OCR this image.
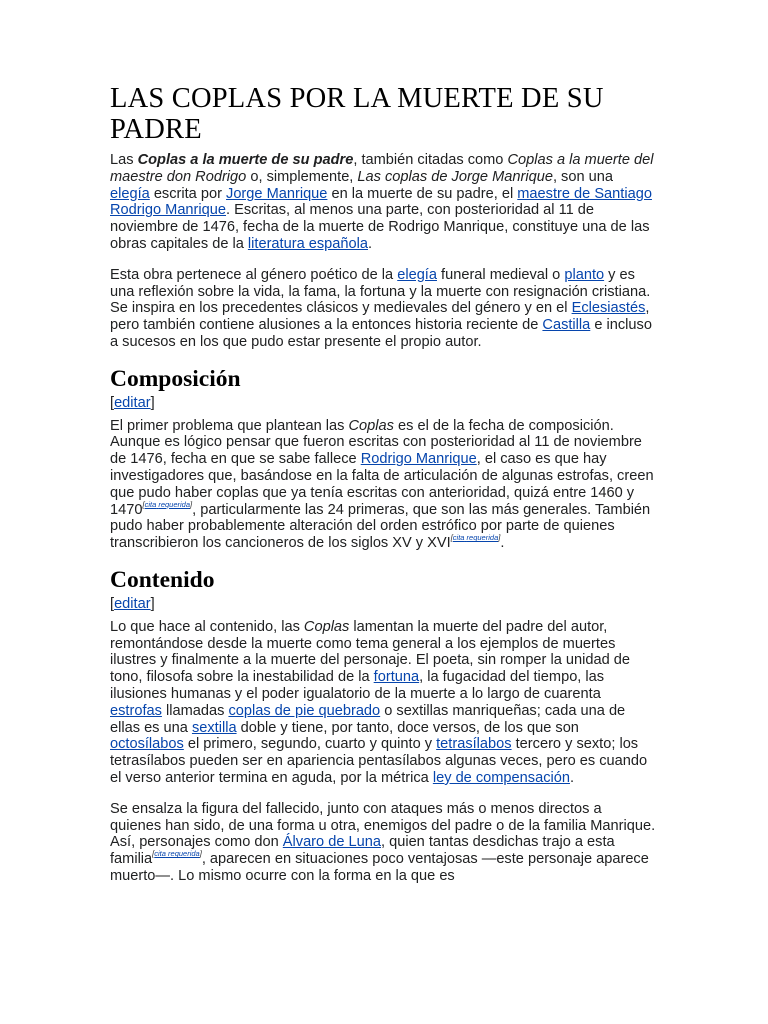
LAS COPLAS POR LA MUERTE DE SU PADRE

Las Coplas a la muerte de su padre, también citadas como Coplas a la muerte del maestre don Rodrigo o, simplemente, Las coplas de Jorge Manrique, son una elegía escrita por Jorge Manrique en la muerte de su padre, el maestre de Santiago Rodrigo Manrique. Escritas, al menos una parte, con posterioridad al 11 de noviembre de 1476, fecha de la muerte de Rodrigo Manrique, constituye una de las obras capitales de la literatura española.

Esta obra pertenece al género poético de la elegía funeral medieval o planto y es una reflexión sobre la vida, la fama, la fortuna y la muerte con resignación cristiana. Se inspira en los precedentes clásicos y medievales del género y en el Eclesiastés, pero también contiene alusiones a la entonces historia reciente de Castilla e incluso a sucesos en los que pudo estar presente el propio autor.

Composición
[editar]

El primer problema que plantean las Coplas es el de la fecha de composición. Aunque es lógico pensar que fueron escritas con posterioridad al 11 de noviembre de 1476, fecha en que se sabe fallece Rodrigo Manrique, el caso es que hay investigadores que, basándose en la falta de articulación de algunas estrofas, creen que pudo haber coplas que ya tenía escritas con anterioridad, quizá entre 1460 y 1470[cita requerida], particularmente las 24 primeras, que son las más generales. También pudo haber probablemente alteración del orden estrófico por parte de quienes transcribieron los cancioneros de los siglos XV y XVI[cita requerida].

Contenido
[editar]

Lo que hace al contenido, las Coplas lamentan la muerte del padre del autor, remontándose desde la muerte como tema general a los ejemplos de muertes ilustres y finalmente a la muerte del personaje. El poeta, sin romper la unidad de tono, filosofa sobre la inestabilidad de la fortuna, la fugacidad del tiempo, las ilusiones humanas y el poder igualatorio de la muerte a lo largo de cuarenta estrofas llamadas coplas de pie quebrado o sextillas manriqueñas; cada una de ellas es una sextilla doble y tiene, por tanto, doce versos, de los que son octosílabos el primero, segundo, cuarto y quinto y tetrasílabos tercero y sexto; los tetrasílabos pueden ser en apariencia pentasílabos algunas veces, pero es cuando el verso anterior termina en aguda, por la métrica ley de compensación.

Se ensalza la figura del fallecido, junto con ataques más o menos directos a quienes han sido, de una forma u otra, enemigos del padre o de la familia Manrique. Así, personajes como don Álvaro de Luna, quien tantas desdichas trajo a esta familia[cita requerida], aparecen en situaciones poco ventajosas —este personaje aparece muerto—. Lo mismo ocurre con la forma en la que es
